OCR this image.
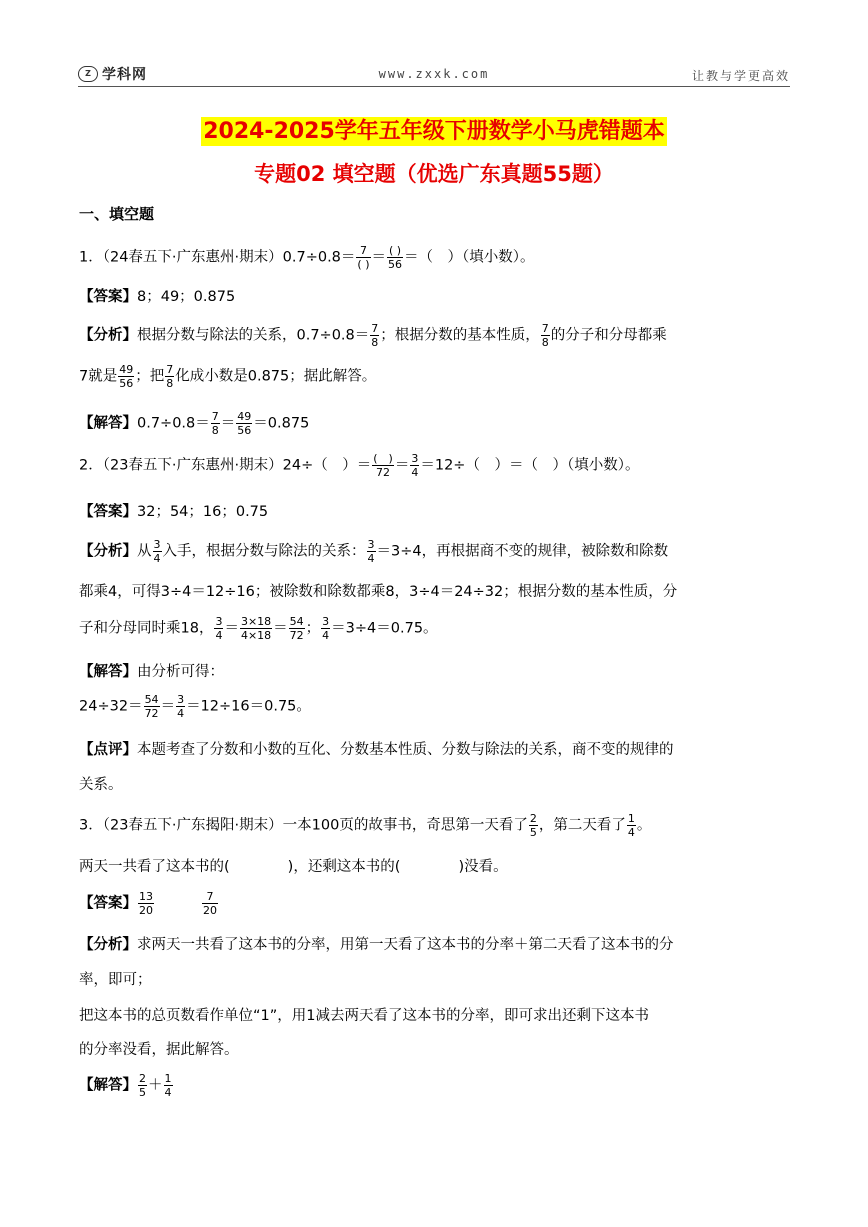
Z 学科网	www.zxxk.com	让教与学更高效
2024-2025学年五年级下册数学小马虎错题本
专题02 填空题（优选广东真题55题）
一、填空题
1．（24春五下·广东惠州·期末）$0.7\div 0.8= \frac{7}{( )} = \frac{( )}{56}$ ＝（　）（填小数）。
【答案】8；49；0.875
【分析】根据分数与除法的关系，$0.7\div 0.8= \frac{7}{8}$ ；根据分数的基本性质， $\frac{7}{8}$ 的分子和分母都乘
7就是 $\frac{49}{56}$ ；把 $\frac{7}{8}$ 化成小数是0.875；据此解答。
【解答】$0.7\div 0.8= \frac{7}{8} = \frac{49}{56} =0.875$
2．（23春五下·广东惠州·期末）24÷（　）＝ $\frac{( )}{72} = \frac{3}{4} =12\div$（　）＝（　）（填小数）。
【答案】32；54；16；0.75
【分析】从 $\frac{3}{4}$ 入手，根据分数与除法的关系： $\frac{3}{4} =3\div 4$，再根据商不变的规律，被除数和除数
都乘4，可得3÷4＝12÷16；被除数和除数都乘8，3÷4＝24÷32；根据分数的基本性质，分
子和分母同时乘18， $\frac{3}{4} = \frac{3\times 18}{4\times 18} = \frac{54}{72}$ ； $\frac{3}{4} =3\div 4=0.75$。
【解答】由分析可得：
$24\div 32= \frac{54}{72} = \frac{3}{4} =12\div 16=0.75$。
【点评】本题考查了分数和小数的互化、分数基本性质、分数与除法的关系，商不变的规律的
关系。
3．（23春五下·广东揭阳·期末）一本100页的故事书，奇思第一天看了 $\frac{2}{5}$ ，第二天看了 $\frac{1}{4}$ 。
两天一共看了这本书的(　　　　)，还剩这本书的(　　　　)没看。
【答案】 $\frac{13}{20}$	$\frac{7}{20}$
【分析】求两天一共看了这本书的分率，用第一天看了这本书的分率＋第二天看了这本书的分
率，即可；
把这本书的总页数看作单位“1”，用1减去两天看了这本书的分率，即可求出还剩下这本书
的分率没看，据此解答。
【解答】 $\frac{2}{5} + \frac{1}{4}$
